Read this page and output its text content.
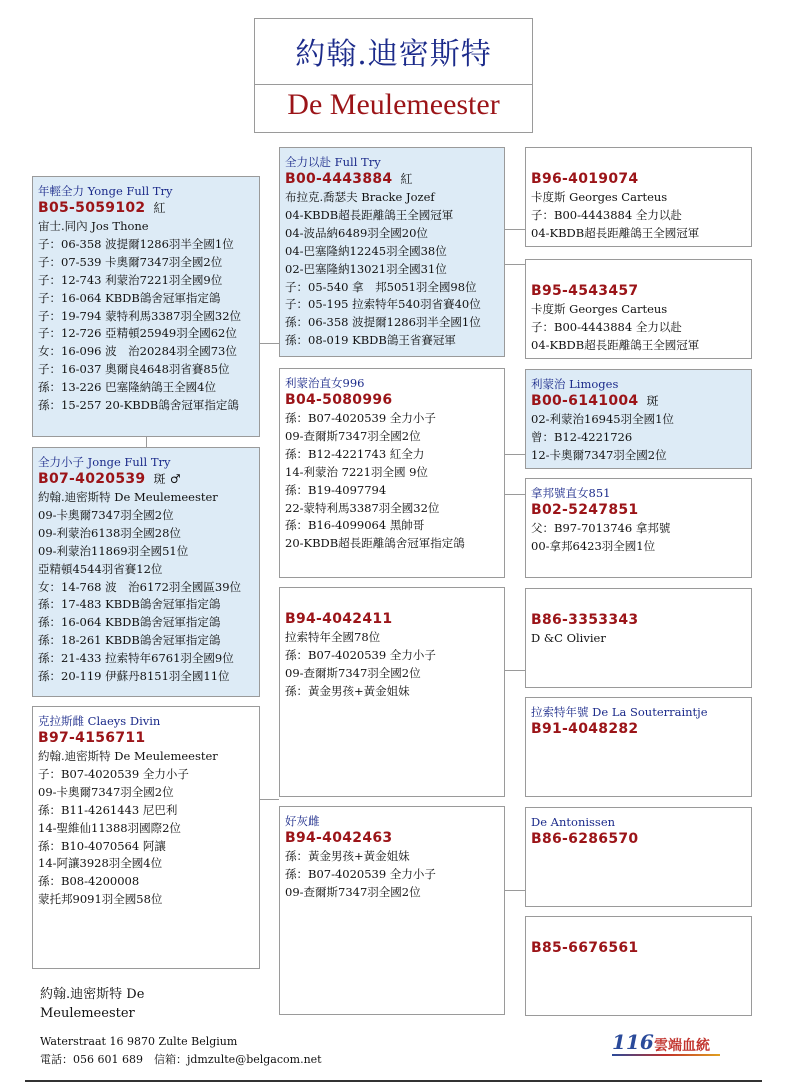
約翰.迪密斯特
De Meulemeester
年輕全力 Yonge Full Try
B05-5059102 紅
宙士.同內 Jos Thone
子：06-358 波提爾1286羽半全國1位
子：07-539 卡奧爾7347羽全國2位
子：12-743 利蒙治7221羽全國9位
子：16-064 KBDB鴿舍冠軍指定鴿
子：19-794 蒙特利馬3387羽全國32位
子：12-726 亞精頓25949羽全國62位
女：16-096 波　治20284羽全國73位
子：16-037 奧爾良4648羽省賽85位
孫：13-226 巴塞隆納鴿王全國4位
孫：15-257 20-KBDB鴿舍冠軍指定鴿
全力小子 Jonge Full Try
B07-4020539 斑 ♂
約翰.迪密斯特 De Meulemeester
09-卡奧爾7347羽全國2位
09-利蒙治6138羽全國28位
09-利蒙治11869羽全國51位
亞精頓4544羽省賽12位
女：14-768 波　治6172羽全國區39位
孫：17-483 KBDB鴿舍冠軍指定鴿
孫：16-064 KBDB鴿舍冠軍指定鴿
孫：18-261 KBDB鴿舍冠軍指定鴿
孫：21-433 拉索特年6761羽全國9位
孫：20-119 伊蘇丹8151羽全國11位
克拉斯雌 Claeys Divin
B97-4156711
約翰.迪密斯特 De Meulemeester
子：B07-4020539 全力小子
09-卡奧爾7347羽全國2位
孫：B11-4261443 尼巴利
14-聖維仙11388羽國際2位
孫：B10-4070564 阿讓
14-阿讓3928羽全國4位
孫：B08-4200008
蒙托邦9091羽全國58位
全力以赴 Full Try
B00-4443884 紅
布拉克.喬瑟夫 Bracke Jozef
04-KBDB超長距離鴿王全國冠軍
04-波品納6489羽全國20位
04-巴塞隆納12245羽全國38位
02-巴塞隆納13021羽全國31位
子：05-540 拿　邦5051羽全國98位
子：05-195 拉索特年540羽省賽40位
孫：06-358 波提爾1286羽半全國1位
孫：08-019 KBDB鴿王省賽冠軍
利蒙治直女996
B04-5080996
孫：B07-4020539 全力小子
09-查爾斯7347羽全國2位
孫：B12-4221743 紅全力
14-利蒙治 7221羽全國 9位
孫：B19-4097794
22-蒙特利馬3387羽全國32位
孫：B16-4099064 黑帥哥
20-KBDB超長距離鴿舍冠軍指定鴿
B94-4042411
拉索特年全國78位
孫：B07-4020539 全力小子
09-查爾斯7347羽全國2位
孫：黃金男孩+黃金姐妹
好灰雌
B94-4042463
孫：黃金男孩+黃金姐妹
孫：B07-4020539 全力小子
09-查爾斯7347羽全國2位
B96-4019074
卡度斯 Georges Carteus
子：B00-4443884 全力以赴
04-KBDB超長距離鴿王全國冠軍
B95-4543457
卡度斯 Georges Carteus
子：B00-4443884 全力以赴
04-KBDB超長距離鴿王全國冠軍
利蒙治 Limoges
B00-6141004 斑
02-利蒙治16945羽全國1位
曾：B12-4221726
12-卡奧爾7347羽全國2位
拿邦號直女851
B02-5247851
父：B97-7013746 拿邦號
00-拿邦6423羽全國1位
B86-3353343
D &C Olivier
拉索特年號 De La Souterraintje
B91-4048282
De Antonissen
B86-6286570
B85-6676561
約翰.迪密斯特 De Meulemeester
Waterstraat 16 9870 Zulte Belgium
電話：056 601 689　信箱：jdmzulte@belgacom.net
116 雲端血統
